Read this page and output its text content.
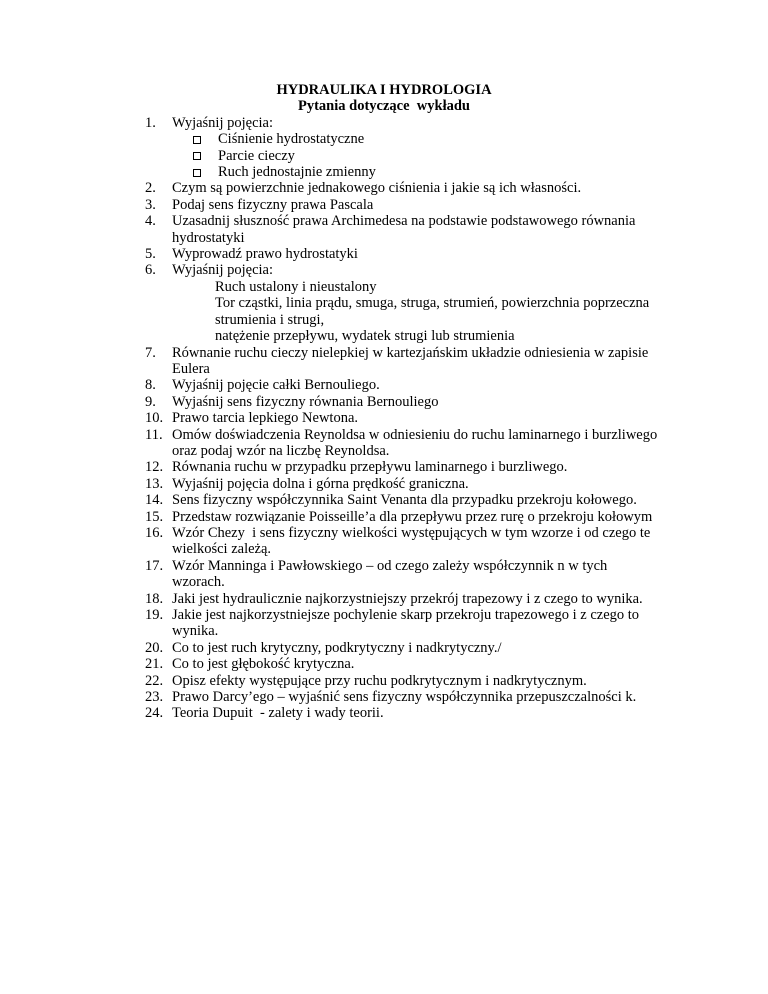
HYDRAULIKA I HYDROLOGIA
Pytania dotyczące  wykładu
1. Wyjaśnij pojęcia:
Ciśnienie hydrostatyczne
Parcie cieczy
Ruch jednostajnie zmienny
2. Czym są powierzchnie jednakowego ciśnienia i jakie są ich własności.
3. Podaj sens fizyczny prawa Pascala
4. Uzasadnij słuszność prawa Archimedesa na podstawie podstawowego równania
hydrostatyki
5. Wyprowadź prawo hydrostatyki
6. Wyjaśnij pojęcia:
Ruch ustalony i nieustalony
Tor cząstki, linia prądu, smuga, struga, strumień, powierzchnia poprzeczna
strumienia i strugi,
natężenie przepływu, wydatek strugi lub strumienia
7. Równanie ruchu cieczy nielepkiej w kartezjańskim układzie odniesienia w zapisie
Eulera
8. Wyjaśnij pojęcie całki Bernouliego.
9. Wyjaśnij sens fizyczny równania Bernouliego
10. Prawo tarcia lepkiego Newtona.
11. Omów doświadczenia Reynoldsa w odniesieniu do ruchu laminarnego i burzliwego
oraz podaj wzór na liczbę Reynoldsa.
12. Równania ruchu w przypadku przepływu laminarnego i burzliwego.
13. Wyjaśnij pojęcia dolna i górna prędkość graniczna.
14. Sens fizyczny współczynnika Saint Venanta dla przypadku przekroju kołowego.
15. Przedstaw rozwiązanie Poisseille’a dla przepływu przez rurę o przekroju kołowym
16. Wzór Chezy  i sens fizyczny wielkości występujących w tym wzorze i od czego te
wielkości zależą.
17. Wzór Manninga i Pawłowskiego – od czego zależy współczynnik n w tych
wzorach.
18. Jaki jest hydraulicznie najkorzystniejszy przekrój trapezowy i z czego to wynika.
19. Jakie jest najkorzystniejsze pochylenie skarp przekroju trapezowego i z czego to
wynika.
20. Co to jest ruch krytyczny, podkrytyczny i nadkrytyczny./
21. Co to jest głębokość krytyczna.
22. Opisz efekty występujące przy ruchu podkrytycznym i nadkrytycznym.
23. Prawo Darcy’ego – wyjaśnić sens fizyczny współczynnika przepuszczalności k.
24. Teoria Dupuit  - zalety i wady teorii.
